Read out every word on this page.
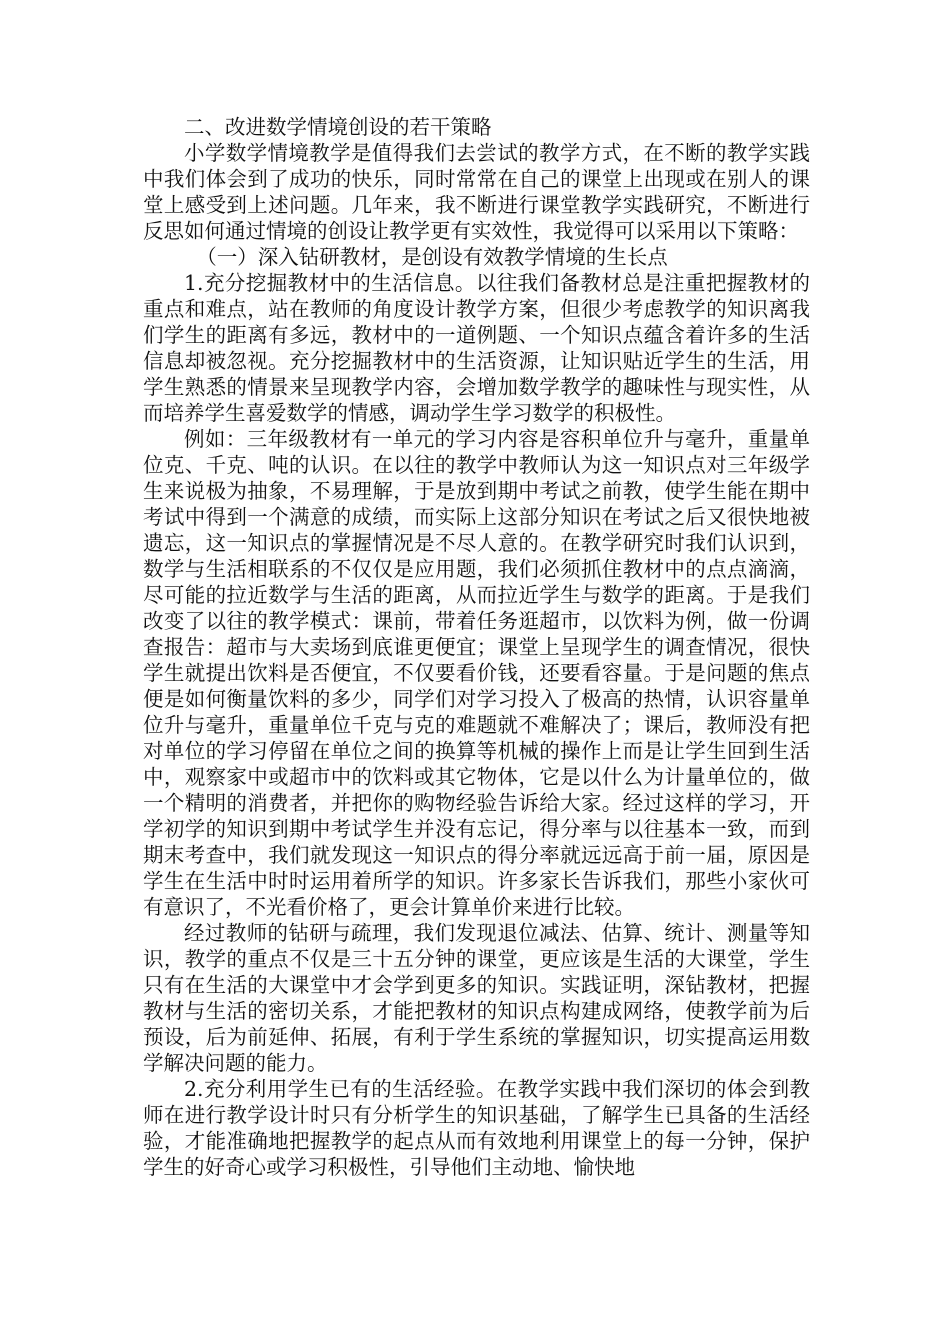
二、改进数学情境创设的若干策略

小学数学情境教学是值得我们去尝试的教学方式，在不断的教学实践中我们体会到了成功的快乐，同时常常在自己的课堂上出现或在别人的课堂上感受到上述问题。几年来，我不断进行课堂教学实践研究，不断进行反思如何通过情境的创设让教学更有实效性，我觉得可以采用以下策略：

（一）深入钻研教材，是创设有效教学情境的生长点

1.充分挖掘教材中的生活信息。以往我们备教材总是注重把握教材的重点和难点，站在教师的角度设计教学方案，但很少考虑教学的知识离我们学生的距离有多远，教材中的一道例题、一个知识点蕴含着许多的生活信息却被忽视。充分挖掘教材中的生活资源，让知识贴近学生的生活，用学生熟悉的情景来呈现教学内容，会增加数学教学的趣味性与现实性，从而培养学生喜爱数学的情感，调动学生学习数学的积极性。

例如：三年级教材有一单元的学习内容是容积单位升与毫升，重量单位克、千克、吨的认识。在以往的教学中教师认为这一知识点对三年级学生来说极为抽象，不易理解，于是放到期中考试之前教，使学生能在期中考试中得到一个满意的成绩，而实际上这部分知识在考试之后又很快地被遗忘，这一知识点的掌握情况是不尽人意的。在教学研究时我们认识到，数学与生活相联系的不仅仅是应用题，我们必须抓住教材中的点点滴滴，尽可能的拉近数学与生活的距离，从而拉近学生与数学的距离。于是我们改变了以往的教学模式：课前，带着任务逛超市，以饮料为例，做一份调查报告：超市与大卖场到底谁更便宜；课堂上呈现学生的调查情况，很快学生就提出饮料是否便宜，不仅要看价钱，还要看容量。于是问题的焦点便是如何衡量饮料的多少，同学们对学习投入了极高的热情，认识容量单位升与毫升，重量单位千克与克的难题就不难解决了；课后，教师没有把对单位的学习停留在单位之间的换算等机械的操作上而是让学生回到生活中，观察家中或超市中的饮料或其它物体，它是以什么为计量单位的，做一个精明的消费者，并把你的购物经验告诉给大家。经过这样的学习，开学初学的知识到期中考试学生并没有忘记，得分率与以往基本一致，而到期末考查中，我们就发现这一知识点的得分率就远远高于前一届，原因是学生在生活中时时运用着所学的知识。许多家长告诉我们，那些小家伙可有意识了，不光看价格了，更会计算单价来进行比较。

经过教师的钻研与疏理，我们发现退位减法、估算、统计、测量等知识，教学的重点不仅是三十五分钟的课堂，更应该是生活的大课堂，学生只有在生活的大课堂中才会学到更多的知识。实践证明，深钻教材，把握教材与生活的密切关系，才能把教材的知识点构建成网络，使教学前为后预设，后为前延伸、拓展，有利于学生系统的掌握知识，切实提高运用数学解决问题的能力。

2.充分利用学生已有的生活经验。在教学实践中我们深切的体会到教师在进行教学设计时只有分析学生的知识基础，了解学生已具备的生活经验，才能准确地把握教学的起点从而有效地利用课堂上的每一分钟，保护学生的好奇心或学习积极性，引导他们主动地、愉快地
